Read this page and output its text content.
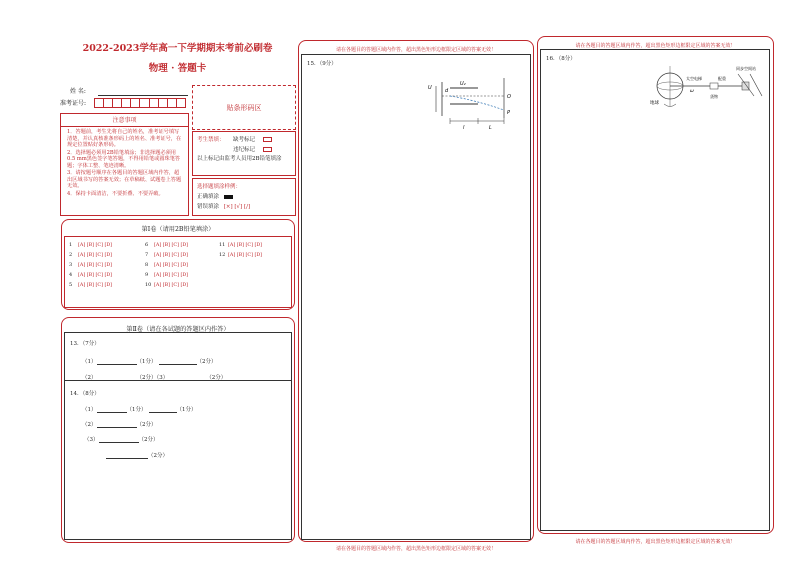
2022-2023学年高一下学期期末考前必刷卷
物理 · 答题卡
姓 名:
准考证号:	贴条形码区
注意事项
1．答题前，考生先将自己的姓名，准考证号填写清楚，并认真核准条形码上的姓名、准考证号，在规定位置贴好条形码。
2．选择题必须用2B铅笔填涂；非选择题必须用0.5 mm黑色签字笔答题，不得用铅笔或圆珠笔答题；字体工整、笔迹清晰。
3．请按题号顺序在各题目的答题区域内作答，超出区域书写的答案无效；在草稿纸、试题卷上答题无效。
4．保持卡面清洁，不要折叠、不要弄破。
考生禁填：	缺考标记
违纪标记
以上标记由监考人员用2B铅笔填涂
选择题填涂样例：
正确填涂
错误填涂 [×] [√] [/]
第Ⅰ卷（请用2B铅笔填涂）
1 [A] [B] [C] [D]
2 [A] [B] [C] [D]
3 [A] [B] [C] [D]
4 [A] [B] [C] [D]
5 [A] [B] [C] [D]
6 [A] [B] [C] [D]
7 [A] [B] [C] [D]
8 [A] [B] [C] [D]
9 [A] [B] [C] [D]
10 [A] [B] [C] [D]
11 [A] [B] [C] [D]
12 [A] [B] [C] [D]
第Ⅱ卷（请在各试题的答题区内作答）
13．（7分）
（1）	（1分）	（2分）
（2）	（2分）（3）	（2分）
14．（8分）
（1）	（1分）	（1分）
（2）	（2分）
（3）	（2分）
（2分）
请在各题目的答题区域内作答，超出黑色矩形边框限定区域的答案无效！
15．（9分）
U	d
U₂
O
P
l	L
请在各题目的答题区域内作答，超出黑色矩形边框限定区域的答案无效！
请在各题目的答题区域内作答，超出黑色矩形边框限定区域的答案无效！
16．（8分）
地球
太空电梯
同步空间站
配重
货物
ω
请在各题目的答题区域内作答，超出黑色矩形边框限定区域的答案无效！
